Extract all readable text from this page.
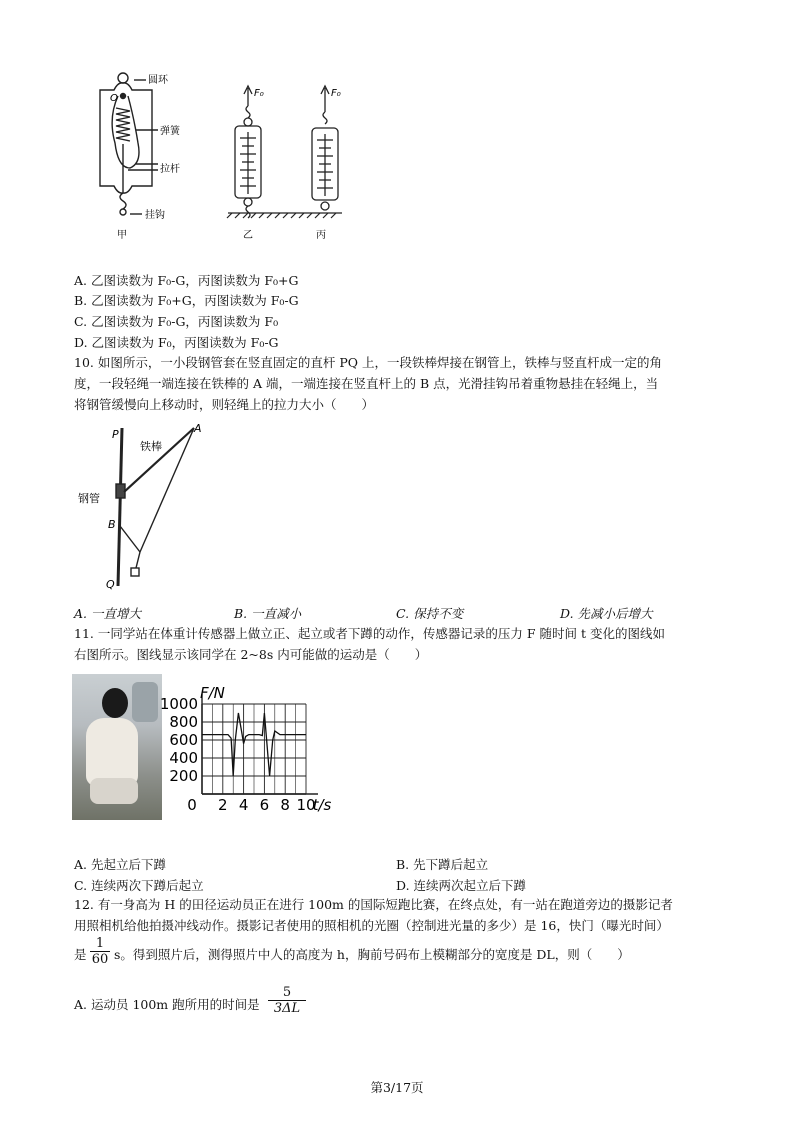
圆环
O
弹簧
拉杆
挂钩
甲
F₀	F₀
乙	丙
A. 乙图读数为 F₀-G，丙图读数为 F₀+G
B. 乙图读数为 F₀+G，丙图读数为 F₀-G
C. 乙图读数为 F₀-G，丙图读数为 F₀
D. 乙图读数为 F₀，丙图读数为 F₀-G
10. 如图所示，一小段钢管套在竖直固定的直杆 PQ 上，一段铁棒焊接在钢管上，铁棒与竖直杆成一定的角
度，一段轻绳一端连接在铁棒的 A 端，一端连接在竖直杆上的 B 点，光滑挂钩吊着重物悬挂在轻绳上，当
将钢管缓慢向上移动时，则轻绳上的拉力大小（　　）
P	A
铁棒
钢管
B
Q
A. 一直增大	B. 一直减小	C. 保持不变	D. 先减小后增大
11. 一同学站在体重计传感器上做立正、起立或者下蹲的动作，传感器记录的压力 F 随时间 t 变化的图线如
右图所示。图线显示该同学在 2~8s 内可能做的运动是（　　）
200
400
600
800
1000
0 2 4 6 8 10
F/N
t/s
A. 先起立后下蹲	B. 先下蹲后起立
C. 连续两次下蹲后起立	D. 连续两次起立后下蹲
12. 有一身高为 H 的田径运动员正在进行 100m 的国际短跑比赛，在终点处，有一站在跑道旁边的摄影记者
用照相机给他拍摄冲线动作。摄影记者使用的照相机的光圈（控制进光量的多少）是 16，快门（曝光时间）
是 $\frac{1}{60}$ s。得到照片后，测得照片中人的高度为 h，胸前号码布上模糊部分的宽度是 DL，则（　　）
A. 运动员 100m 跑所用的时间是 $\frac{5}{3\Delta L}$
第3/17页
